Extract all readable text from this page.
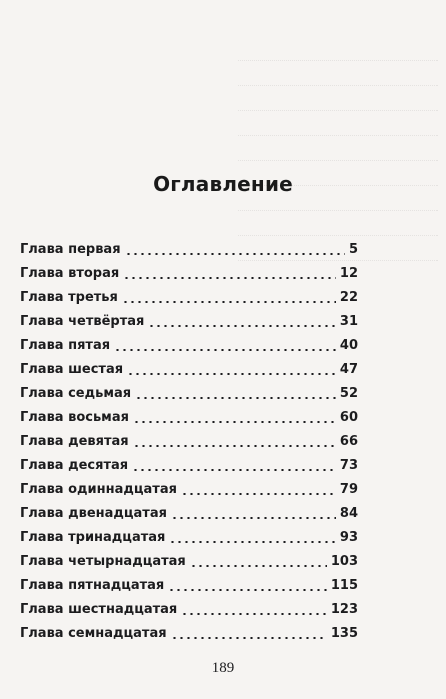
Оглавление
Глава первая	5
Глава вторая	12
Глава третья	22
Глава четвёртая	31
Глава пятая	40
Глава шестая	47
Глава седьмая	52
Глава восьмая	60
Глава девятая	66
Глава десятая	73
Глава одиннадцатая	79
Глава двенадцатая	84
Глава тринадцатая	93
Глава четырнадцатая	103
Глава пятнадцатая	115
Глава шестнадцатая	123
Глава семнадцатая	135
189
